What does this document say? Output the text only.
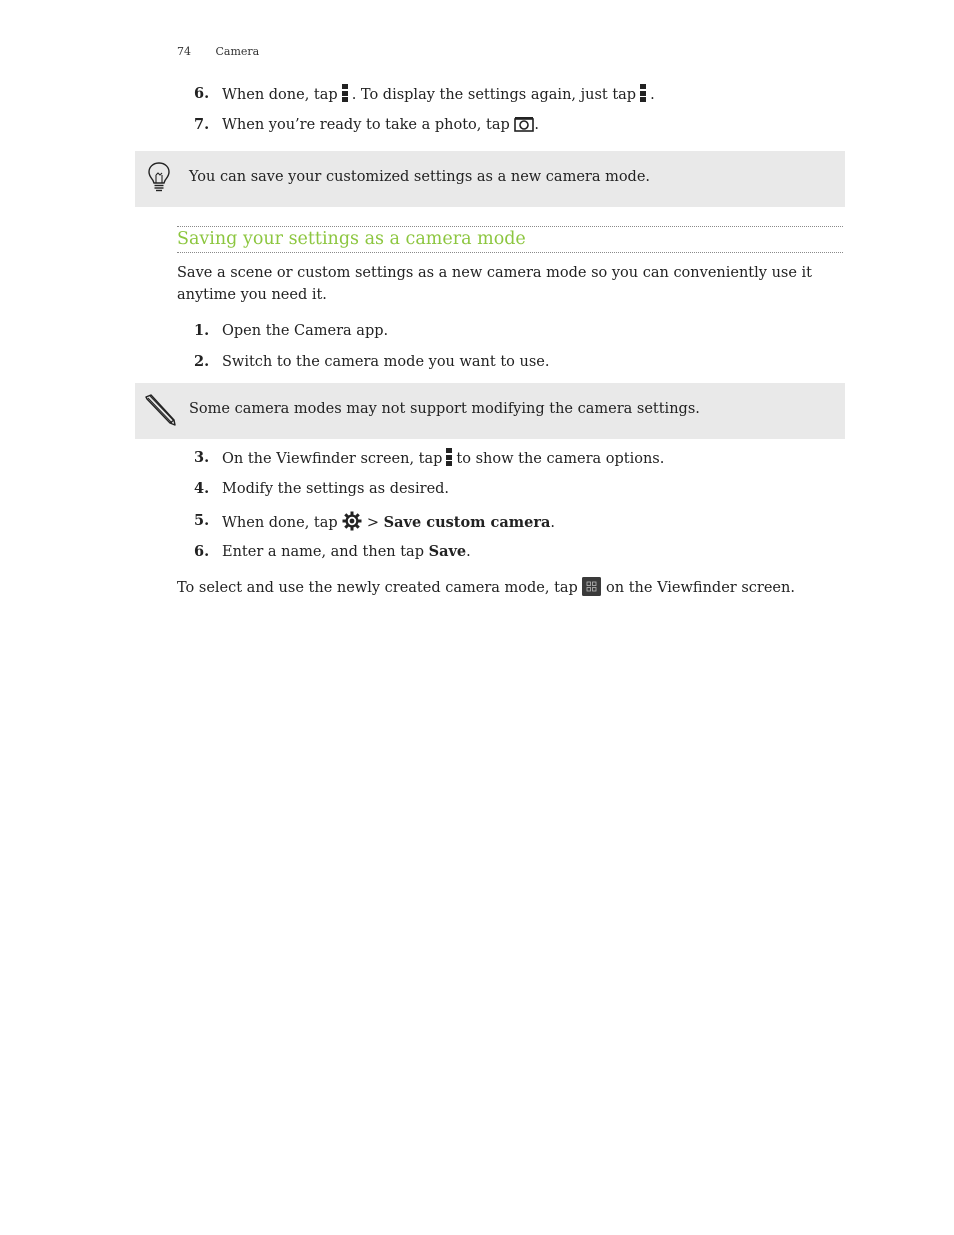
74 Camera
6. When done, tap . To display the settings again, just tap .
7. When you’re ready to take a photo, tap .
You can save your customized settings as a new camera mode.
Saving your settings as a camera mode
Save a scene or custom settings as a new camera mode so you can conveniently use it anytime you need it.
1. Open the Camera app.
2. Switch to the camera mode you want to use.
Some camera modes may not support modifying the camera settings.
3. On the Viewfinder screen, tap to show the camera options.
4. Modify the settings as desired.
5. When done, tap > Save custom camera.
6. Enter a name, and then tap Save.
To select and use the newly created camera mode, tap on the Viewfinder screen.
